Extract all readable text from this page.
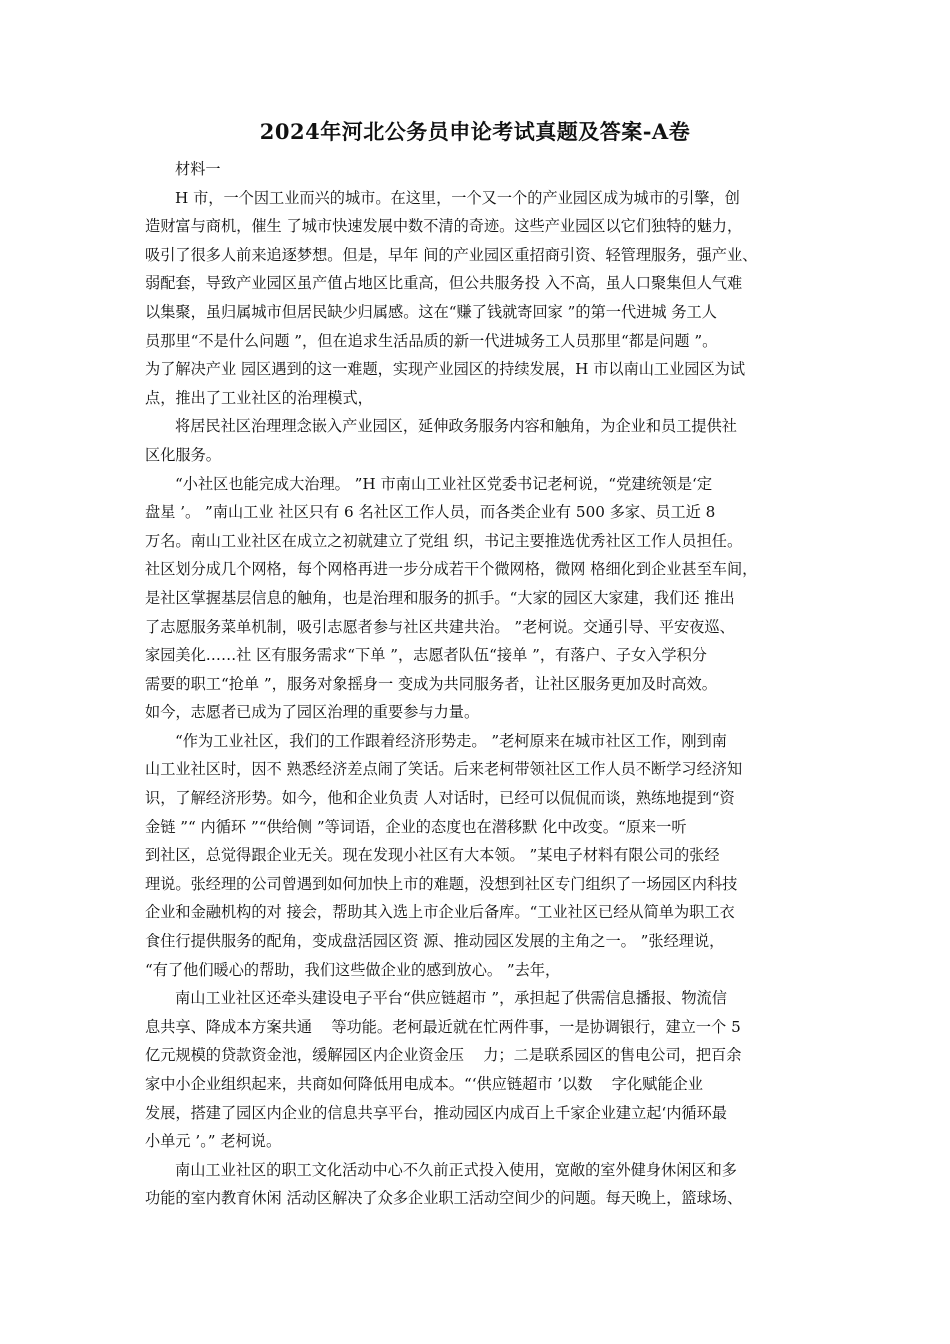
2024年河北公务员申论考试真题及答案-A卷
材料一
H 市，一个因工业而兴的城市。在这里，一个又一个的产业园区成为城市的引擎，创
造财富与商机，催生 了城市快速发展中数不清的奇迹。这些产业园区以它们独特的魅力，
吸引了很多人前来追逐梦想。但是，早年 间的产业园区重招商引资、轻管理服务，强产业、
弱配套，导致产业园区虽产值占地区比重高，但公共服务投 入不高，虽人口聚集但人气难
以集聚，虽归属城市但居民缺少归属感。这在“赚了钱就寄回家 ”的第一代进城 务工人
员那里“不是什么问题 ”，但在追求生活品质的新一代进城务工人员那里“都是问题 ”。
为了解决产业 园区遇到的这一难题，实现产业园区的持续发展，H 市以南山工业园区为试
点，推出了工业社区的治理模式，
将居民社区治理理念嵌入产业园区，延伸政务服务内容和触角，为企业和员工提供社
区化服务。
“小社区也能完成大治理。 ”H 市南山工业社区党委书记老柯说，“党建统领是‘定
盘星 ’。 ”南山工业 社区只有 6 名社区工作人员，而各类企业有 500 多家、员工近 8
万名。南山工业社区在成立之初就建立了党组 织，书记主要推选优秀社区工作人员担任。
社区划分成几个网格，每个网格再进一步分成若干个微网格，微网 格细化到企业甚至车间，
是社区掌握基层信息的触角，也是治理和服务的抓手。“大家的园区大家建，我们还 推出
了志愿服务菜单机制，吸引志愿者参与社区共建共治。 ”老柯说。交通引导、平安夜巡、
家园美化……社 区有服务需求“下单 ”，志愿者队伍“接单 ”，有落户、子女入学积分
需要的职工“抢单 ”，服务对象摇身一 变成为共同服务者，让社区服务更加及时高效。
如今，志愿者已成为了园区治理的重要参与力量。
“作为工业社区，我们的工作跟着经济形势走。 ”老柯原来在城市社区工作，刚到南
山工业社区时，因不 熟悉经济差点闹了笑话。后来老柯带领社区工作人员不断学习经济知
识，了解经济形势。如今，他和企业负责 人对话时，已经可以侃侃而谈，熟练地提到“资
金链 ”“ 内循环 ”“供给侧 ”等词语，企业的态度也在潜移默 化中改变。“原来一听
到社区，总觉得跟企业无关。现在发现小社区有大本领。 ”某电子材料有限公司的张经
理说。张经理的公司曾遇到如何加快上市的难题，没想到社区专门组织了一场园区内科技
企业和金融机构的对 接会，帮助其入选上市企业后备库。“工业社区已经从简单为职工衣
食住行提供服务的配角，变成盘活园区资 源、推动园区发展的主角之一。 ”张经理说，
“有了他们暖心的帮助，我们这些做企业的感到放心。 ”去年，
南山工业社区还牵头建设电子平台“供应链超市 ”，承担起了供需信息播报、物流信
息共享、降成本方案共通    等功能。老柯最近就在忙两件事，一是协调银行，建立一个 5
亿元规模的贷款资金池，缓解园区内企业资金压    力；二是联系园区的售电公司，把百余
家中小企业组织起来，共商如何降低用电成本。“‘供应链超市 ’以数    字化赋能企业
发展，搭建了园区内企业的信息共享平台，推动园区内成百上千家企业建立起‘内循环最
小单元 ’。” 老柯说。
南山工业社区的职工文化活动中心不久前正式投入使用，宽敞的室外健身休闲区和多
功能的室内教育休闲 活动区解决了众多企业职工活动空间少的问题。每天晚上，篮球场、
